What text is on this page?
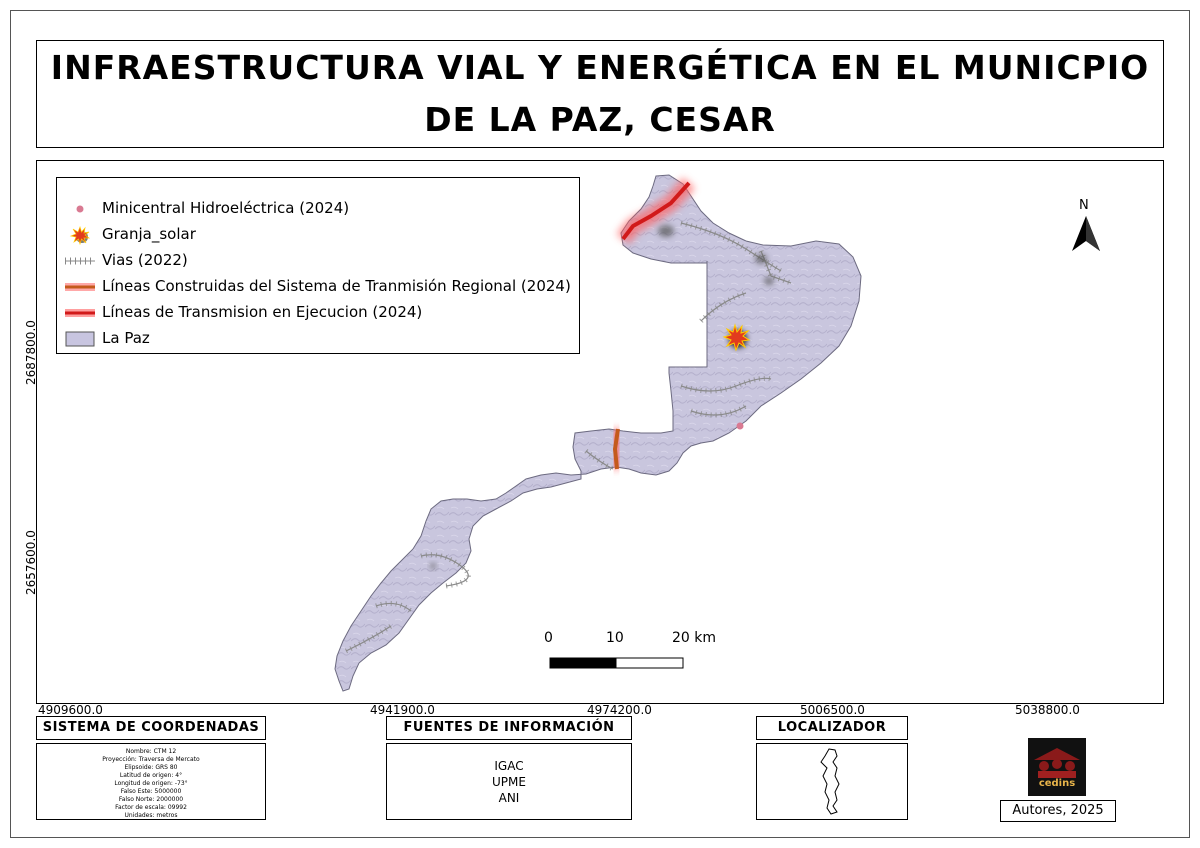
INFRAESTRUCTURA VIAL Y ENERGÉTICA EN EL MUNICPIO DE LA PAZ, CESAR
N
0	10	20 km
Minicentral Hidroeléctrica (2024)
Granja_solar
Vias (2022)
Líneas Construidas del Sistema de Tranmisión Regional (2024)
Líneas de Transmision en Ejecucion (2024)
La Paz
4909600.0	4941900.0	4974200.0	5006500.0	5038800.0
2687800.0
2657600.0
SISTEMA DE COORDENADAS
Nombre: CTM 12
Proyección: Traversa de Mercato
Elipsoide: GRS 80
Latitud de origen: 4°
Longitud de origen: -73°
Falso Este: 5000000
Falso Norte: 2000000
Factor de escala: 09992
Unidades: metros
FUENTES DE INFORMACIÓN
IGAC
UPME
ANI
LOCALIZADOR
cedins
Autores, 2025
